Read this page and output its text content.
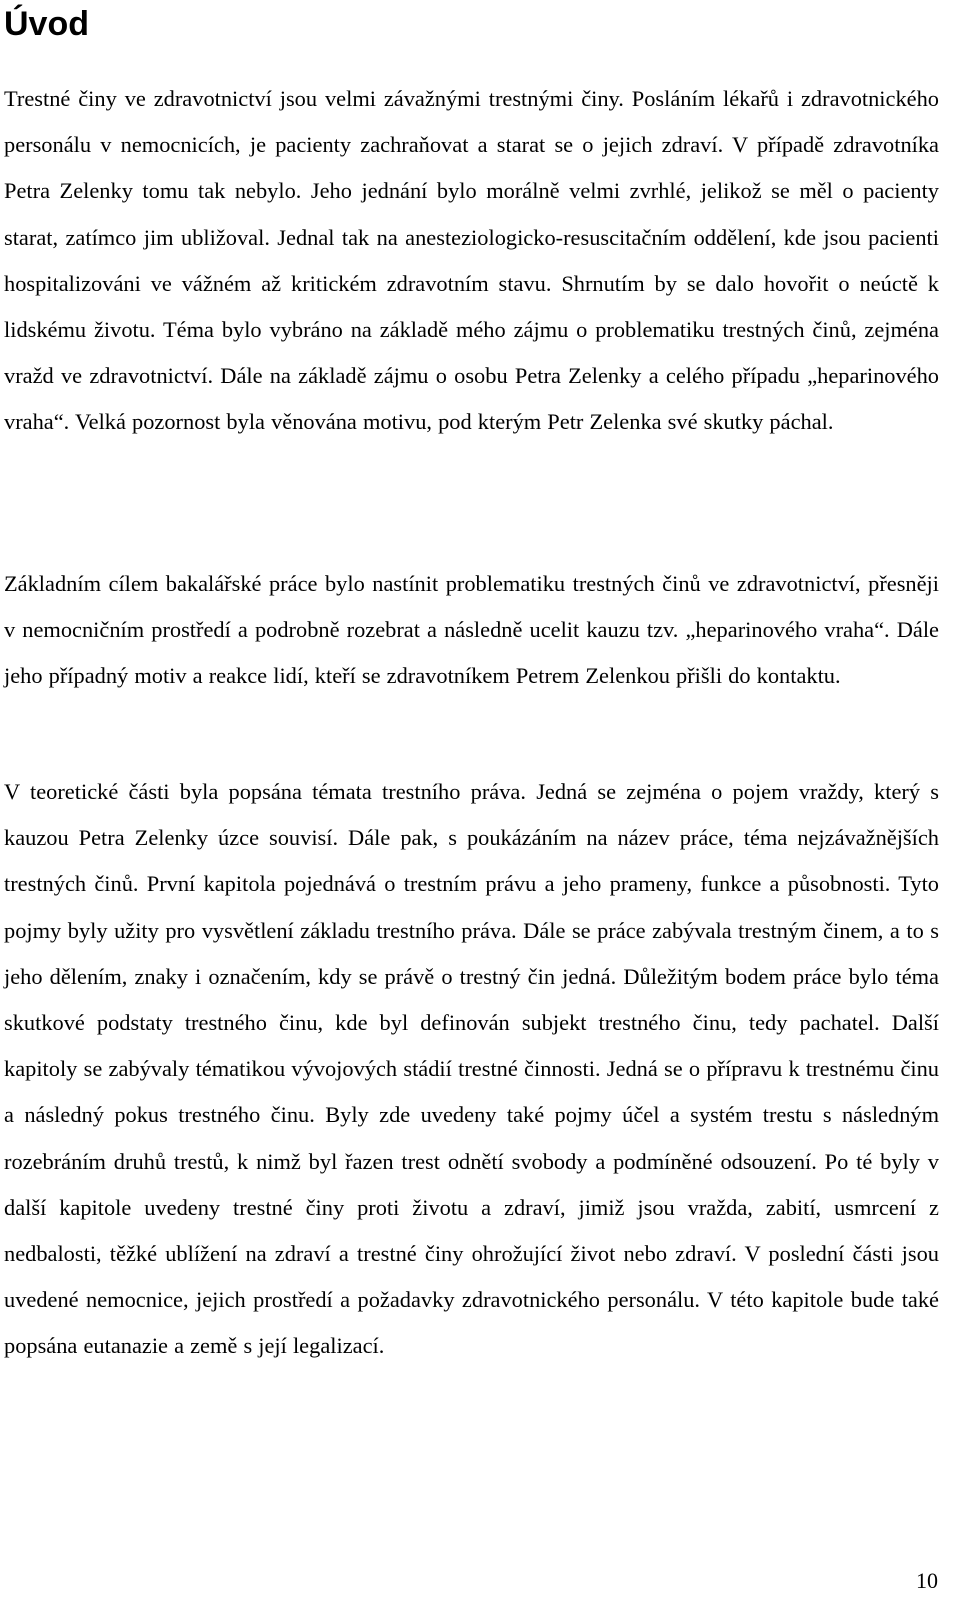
Úvod

Trestné činy ve zdravotnictví jsou velmi závažnými trestnými činy. Posláním lékařů i zdravotnického personálu v nemocnicích, je pacienty zachraňovat a starat se o jejich zdraví. V případě zdravotníka Petra Zelenky tomu tak nebylo. Jeho jednání bylo morálně velmi zvrhlé, jelikož se měl o pacienty starat, zatímco jim ubližoval. Jednal tak na anesteziologicko-resuscitačním oddělení, kde jsou pacienti hospitalizováni ve vážném až kritickém zdravotním stavu. Shrnutím by se dalo hovořit o neúctě k lidskému životu. Téma bylo vybráno na základě mého zájmu o problematiku trestných činů, zejména vražd ve zdravotnictví. Dále na základě zájmu o osobu Petra Zelenky a celého případu „heparinového vraha“. Velká pozornost byla věnována motivu, pod kterým Petr Zelenka své skutky páchal.

Základním cílem bakalářské práce bylo nastínit problematiku trestných činů ve zdravotnictví, přesněji v nemocničním prostředí a podrobně rozebrat a následně ucelit kauzu tzv. „heparinového vraha“. Dále jeho případný motiv a reakce lidí, kteří se zdravotníkem Petrem Zelenkou přišli do kontaktu.

V teoretické části byla popsána témata trestního práva. Jedná se zejména o pojem vraždy, který s kauzou Petra Zelenky úzce souvisí. Dále pak, s poukázáním na název práce, téma nejzávažnějších trestných činů. První kapitola pojednává o trestním právu a jeho prameny, funkce a působnosti. Tyto pojmy byly užity pro vysvětlení základu trestního práva. Dále se práce zabývala trestným činem, a to s jeho dělením, znaky i označením, kdy se právě o trestný čin jedná. Důležitým bodem práce bylo téma skutkové podstaty trestného činu, kde byl definován subjekt trestného činu, tedy pachatel. Další kapitoly se zabývaly tématikou vývojových stádií trestné činnosti. Jedná se o přípravu k trestnému činu a následný pokus trestného činu. Byly zde uvedeny také pojmy účel a systém trestu s následným rozebráním druhů trestů, k nimž byl řazen trest odnětí svobody a podmíněné odsouzení. Po té byly v další kapitole uvedeny trestné činy proti životu a zdraví, jimiž jsou vražda, zabití, usmrcení z nedbalosti, těžké ublížení na zdraví a trestné činy ohrožující život nebo zdraví. V poslední části jsou uvedené nemocnice, jejich prostředí a požadavky zdravotnického personálu. V této kapitole bude také popsána eutanazie a země s její legalizací.

10
